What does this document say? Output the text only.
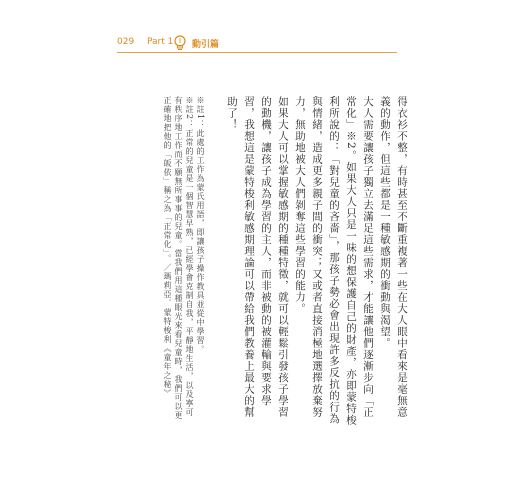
029 Part 1 動引篇

得衣衫不整，有時甚至不斷重複著一些在大人眼中看來是毫無意義的動作，但這些都是一種敏感期的衝動與渴望。

大人需要讓孩子獨立去滿足這些需求，才能讓他們逐漸步向「正常化」※2。如果大人只是一味的想保護自己的財產，亦即蒙特梭利所說的：「對兒童的吝嗇」，那孩子勢必會出現許多反抗的行為與情緒，造成更多親子間的衝突；又或者直接消極地選擇放棄努力，無助地被大人們剝奪這些學習的能力。

如果大人可以掌握敏感期的種種特徵，就可以輕鬆引發孩子學習的動機，讓孩子成為學習的主人，而非被動的被灌輸與要求學習，我想這是蒙特梭利敏感期理論可以帶給我們教養上最大的幫助了！

※註1：此處的工作為蒙氏用語，即讓孩子操作教具並從中學習。

※註2：正常的兒童是一個智慧早熟，已經學會克制自我，平靜地生活，以及寧可有秩序地工作而不願無所事事的兒童。當我們用這種眼光來看兒童時，我們可以更正確地把他的「皈依」稱之為「正常化」。／瑪莉亞．蒙特梭利《童年之秘》
